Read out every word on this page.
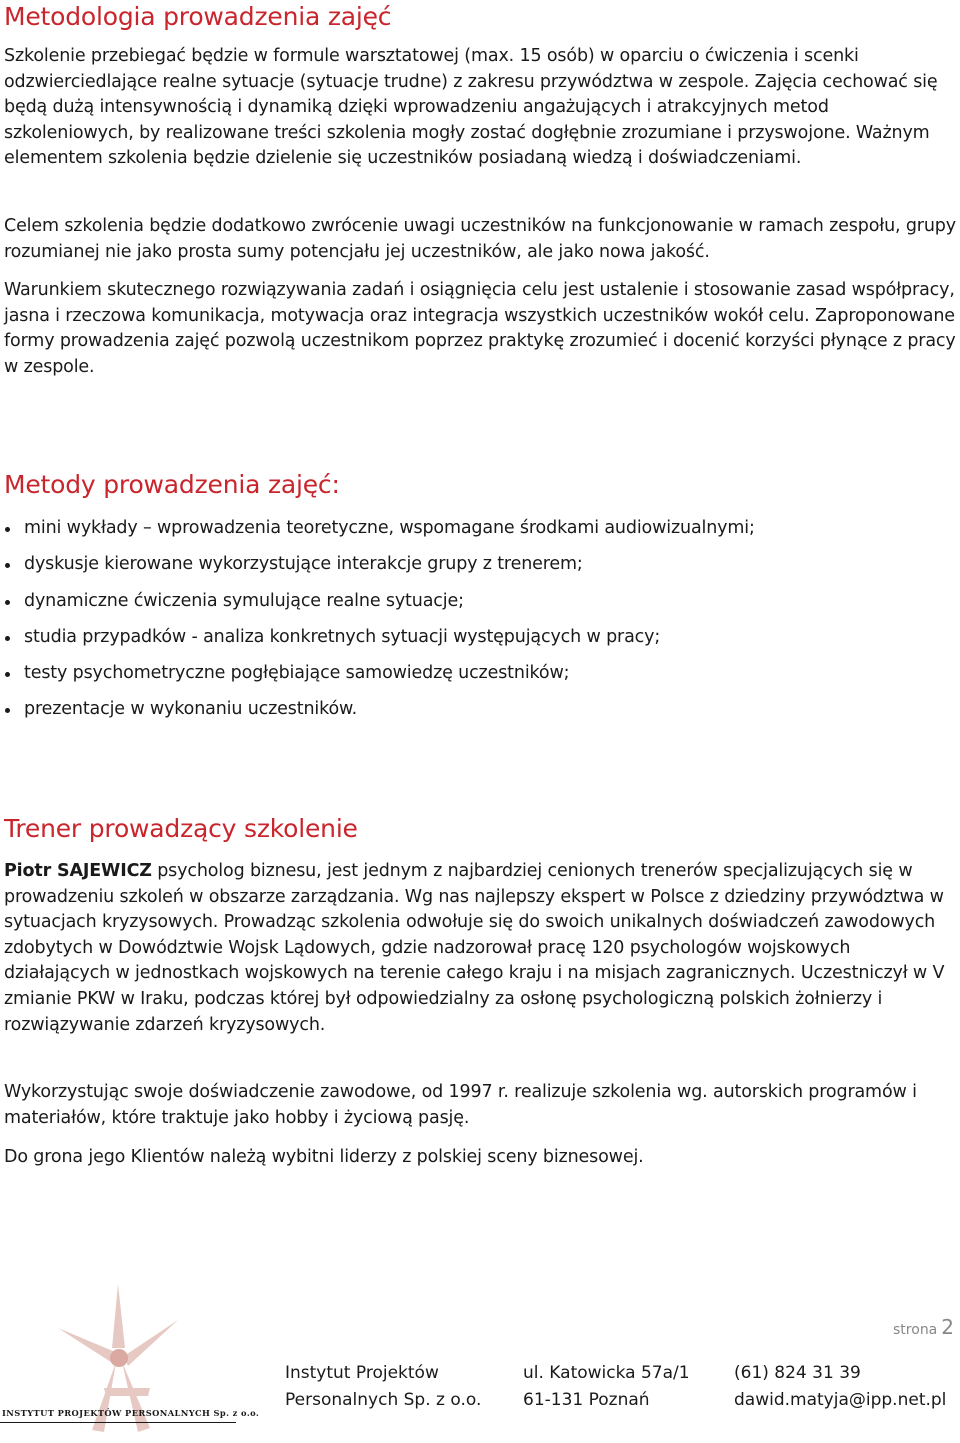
Metodologia prowadzenia zajęć

Szkolenie przebiegać będzie w formule warsztatowej (max. 15 osób) w oparciu o ćwiczenia i scenki odzwierciedlające realne sytuacje (sytuacje trudne) z zakresu przywództwa w zespole. Zajęcia cechować się będą dużą intensywnością i dynamiką dzięki wprowadzeniu angażujących i atrakcyjnych metod szkoleniowych, by realizowane treści szkolenia mogły zostać dogłębnie zrozumiane i przyswojone. Ważnym elementem szkolenia będzie dzielenie się uczestników posiadaną wiedzą i doświadczeniami.

Celem szkolenia będzie dodatkowo zwrócenie uwagi uczestników na funkcjonowanie w ramach zespołu, grupy rozumianej nie jako prosta sumy potencjału jej uczestników, ale jako nowa jakość.

Warunkiem skutecznego rozwiązywania zadań i osiągnięcia celu jest ustalenie i stosowanie zasad współpracy, jasna i rzeczowa komunikacja, motywacja oraz integracja wszystkich uczestników wokół celu. Zaproponowane formy prowadzenia zajęć pozwolą uczestnikom poprzez praktykę zrozumieć i docenić korzyści płynące z pracy w zespole.

Metody prowadzenia zajęć:
mini wykłady – wprowadzenia teoretyczne, wspomagane środkami audiowizualnymi;
dyskusje kierowane wykorzystujące interakcje grupy z trenerem;
dynamiczne ćwiczenia symulujące realne sytuacje;
studia przypadków - analiza konkretnych sytuacji występujących w pracy;
testy psychometryczne pogłębiające samowiedzę uczestników;
prezentacje w wykonaniu uczestników.
Trener prowadzący szkolenie

Piotr SAJEWICZ psycholog biznesu, jest jednym z najbardziej cenionych trenerów specjalizujących się w prowadzeniu szkoleń w obszarze zarządzania. Wg nas najlepszy ekspert w Polsce z dziedziny przywództwa w sytuacjach kryzysowych. Prowadząc szkolenia odwołuje się do swoich unikalnych doświadczeń zawodowych zdobytych w Dowództwie Wojsk Lądowych, gdzie nadzorował pracę 120 psychologów wojskowych działających w jednostkach wojskowych na terenie całego kraju i na misjach zagranicznych. Uczestniczył w V zmianie PKW w Iraku, podczas której był odpowiedzialny za osłonę psychologiczną polskich żołnierzy i rozwiązywanie zdarzeń kryzysowych.

Wykorzystując swoje doświadczenie zawodowe, od 1997 r. realizuje szkolenia wg. autorskich programów i materiałów, które traktuje jako hobby i życiową pasję.

Do grona jego Klientów należą wybitni liderzy z polskiej sceny biznesowej.

strona 2
INSTYTUT PROJEKTÓW PERSONALNYCH Sp. z o.o.
Instytut Projektów
Personalnych Sp. z o.o.
ul. Katowicka 57a/1
61-131 Poznań
(61) 824 31 39
dawid.matyja@ipp.net.pl
